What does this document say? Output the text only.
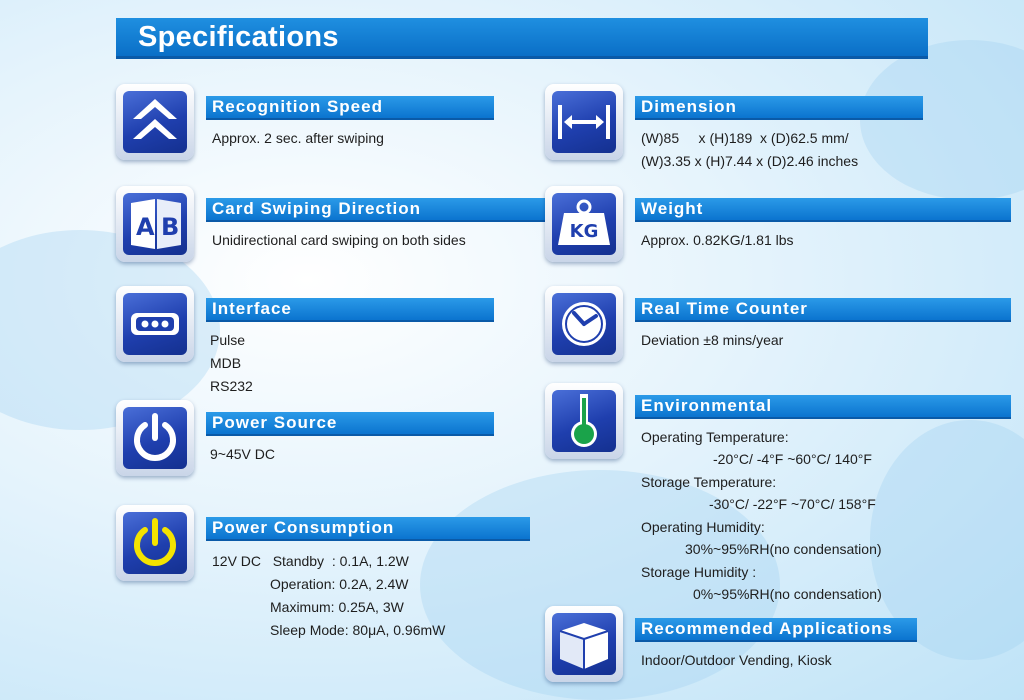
Specifications
Recognition Speed
Approx. 2 sec. after swiping
A B
Card Swiping Direction
Unidirectional card swiping on both sides
Interface
Pulse
MDB
RS232
Power Source
9~45V DC
Power Consumption
12V DC   Standby  : 0.1A, 1.2W
Operation: 0.2A, 2.4W
Maximum: 0.25A, 3W
Sleep Mode: 80μA, 0.96mW
Dimension
(W)85     x (H)189  x (D)62.5 mm/
(W)3.35 x (H)7.44 x (D)2.46 inches
KG
Weight
Approx. 0.82KG/1.81 lbs
Real Time Counter
Deviation ±8 mins/year
Environmental
Operating Temperature:
-20°C/ -4°F ~60°C/ 140°F
Storage Temperature:
-30°C/ -22°F ~70°C/ 158°F
Operating Humidity:
30%~95%RH(no condensation)
Storage Humidity :
0%~95%RH(no condensation)
Recommended Applications
Indoor/Outdoor Vending, Kiosk
